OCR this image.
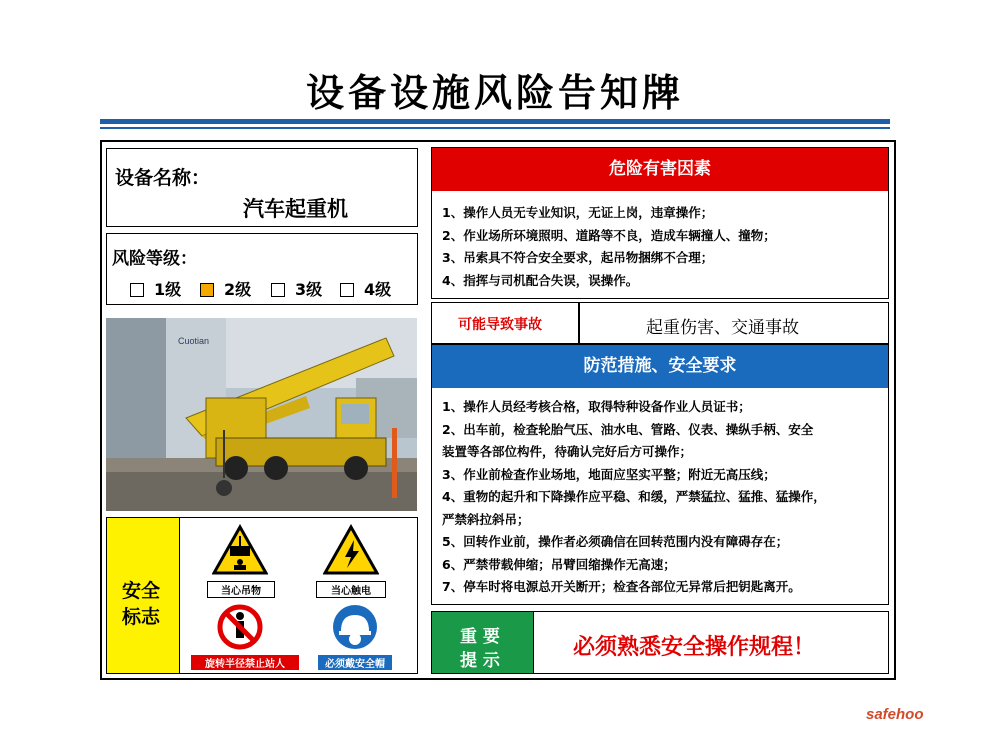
设备设施风险告知牌
设备名称：
汽车起重机
风险等级：
1级	2级	3级	4级
Cuotian
安全
标志
当心吊物	当心触电
旋转半径禁止站人	必须戴安全帽
危险有害因素
1、操作人员无专业知识，无证上岗，违章操作；
2、作业场所环境照明、道路等不良，造成车辆撞人、撞物；
3、吊索具不符合安全要求，起吊物捆绑不合理；
4、指挥与司机配合失误，误操作。
可能导致事故	起重伤害、交通事故
防范措施、安全要求
1、操作人员经考核合格，取得特种设备作业人员证书；
2、出车前，检查轮胎气压、油水电、管路、仪表、操纵手柄、安全
装置等各部位构件，待确认完好后方可操作；
3、作业前检查作业场地，地面应坚实平整；附近无高压线；
4、重物的起升和下降操作应平稳、和缓，严禁猛拉、猛推、猛操作，
严禁斜拉斜吊；
5、回转作业前，操作者必须确信在回转范围内没有障碍存在；
6、严禁带载伸缩；吊臂回缩操作无高速；
7、停车时将电源总开关断开；检查各部位无异常后把钥匙离开。
重 要
提 示
必须熟悉安全操作规程！
safehoo
